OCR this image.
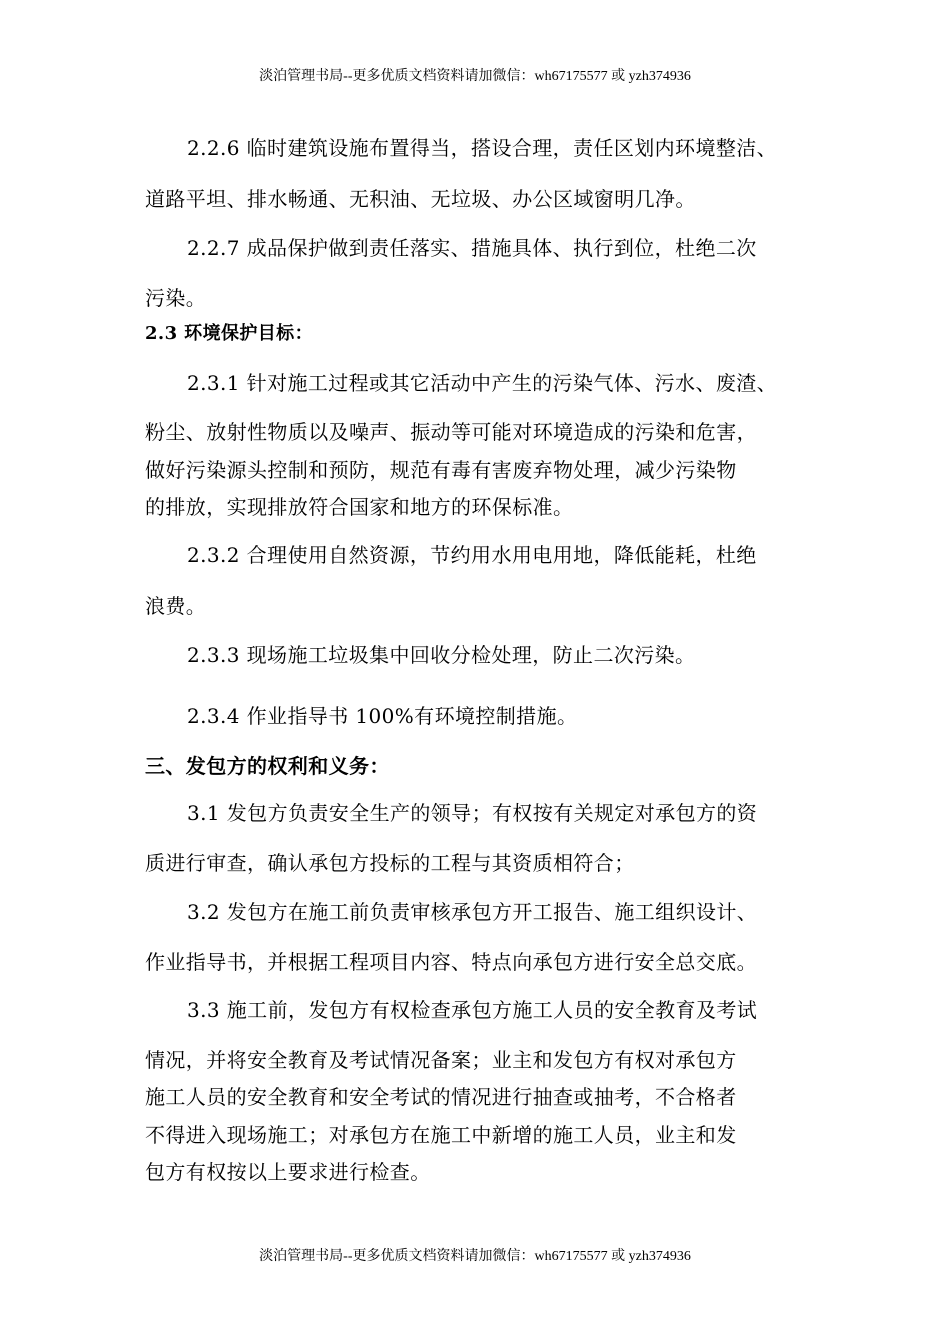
淡泊管理书局--更多优质文档资料请加微信：wh67175577 或 yzh374936
2.2.6 临时建筑设施布置得当，搭设合理，责任区划内环境整洁、
道路平坦、排水畅通、无积油、无垃圾、办公区域窗明几净。
2.2.7 成品保护做到责任落实、措施具体、执行到位，杜绝二次
污染。
2.3 环境保护目标：
2.3.1 针对施工过程或其它活动中产生的污染气体、污水、废渣、
粉尘、放射性物质以及噪声、振动等可能对环境造成的污染和危害，
做好污染源头控制和预防，规范有毒有害废弃物处理，减少污染物
的排放，实现排放符合国家和地方的环保标准。
2.3.2 合理使用自然资源，节约用水用电用地，降低能耗，杜绝
浪费。
2.3.3 现场施工垃圾集中回收分检处理，防止二次污染。
2.3.4 作业指导书 100%有环境控制措施。
三、发包方的权利和义务：
3.1 发包方负责安全生产的领导；有权按有关规定对承包方的资
质进行审查，确认承包方投标的工程与其资质相符合；
3.2 发包方在施工前负责审核承包方开工报告、施工组织设计、
作业指导书，并根据工程项目内容、特点向承包方进行安全总交底。
3.3 施工前，发包方有权检查承包方施工人员的安全教育及考试
情况，并将安全教育及考试情况备案；业主和发包方有权对承包方
施工人员的安全教育和安全考试的情况进行抽查或抽考，不合格者
不得进入现场施工；对承包方在施工中新增的施工人员，业主和发
包方有权按以上要求进行检查。
淡泊管理书局--更多优质文档资料请加微信：wh67175577 或 yzh374936
